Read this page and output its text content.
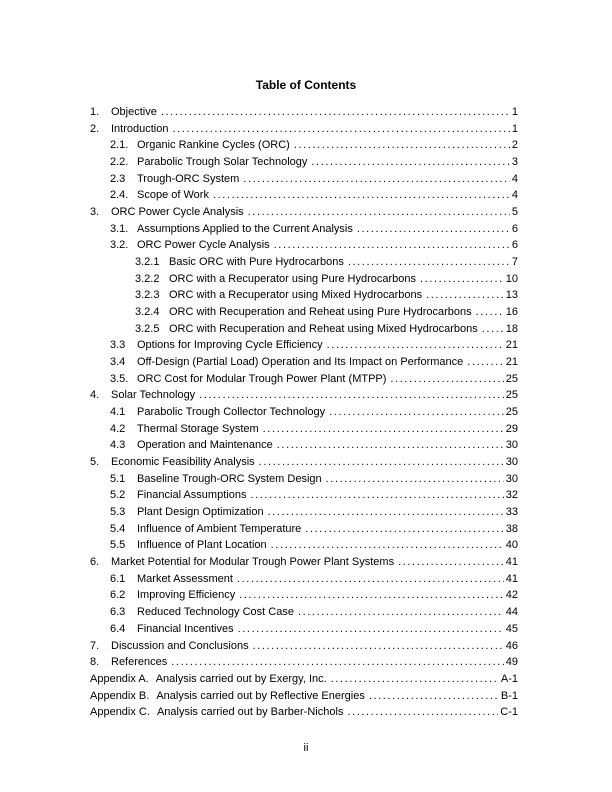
Table of Contents
1.	Objective .....	1
2.	Introduction .....	1
2.1. Organic Rankine Cycles (ORC) .....	2
2.2. Parabolic Trough Solar Technology .....	3
2.3	Trough-ORC System .....	4
2.4. Scope of Work .....	4
3.	ORC Power Cycle Analysis .....	5
3.1. Assumptions Applied to the Current Analysis .....	6
3.2. ORC Power Cycle Analysis .....	6
3.2.1 Basic ORC with Pure Hydrocarbons .....	7
3.2.2 ORC with a Recuperator using Pure Hydrocarbons .....	10
3.2.3 ORC with a Recuperator using Mixed Hydrocarbons .....	13
3.2.4 ORC with Recuperation and Reheat using Pure Hydrocarbons .....	16
3.2.5 ORC with Recuperation and Reheat using Mixed Hydrocarbons .....	18
3.3	Options for Improving Cycle Efficiency .....	21
3.4	Off-Design (Partial Load) Operation and Its Impact on Performance .....	21
3.5. ORC Cost for Modular Trough Power Plant (MTPP) .....	25
4.	Solar Technology .....	25
4.1	Parabolic Trough Collector Technology .....	25
4.2	Thermal Storage System .....	29
4.3	Operation and Maintenance .....	30
5.	Economic Feasibility Analysis .....	30
5.1	Baseline Trough-ORC System Design .....	30
5.2	Financial Assumptions .....	32
5.3	Plant Design Optimization .....	33
5.4	Influence of Ambient Temperature .....	38
5.5	Influence of Plant Location .....	40
6.	Market Potential for Modular Trough Power Plant Systems .....	41
6.1	Market Assessment .....	41
6.2	Improving Efficiency .....	42
6.3	Reduced Technology Cost Case .....	44
6.4	Financial Incentives .....	45
7.	Discussion and Conclusions .....	46
8.	References .....	49
Appendix A. Analysis carried out by Exergy, Inc. .....	A-1
Appendix B. Analysis carried out by Reflective Energies .....	B-1
Appendix C. Analysis carried out by Barber-Nichols .....	C-1
ii
